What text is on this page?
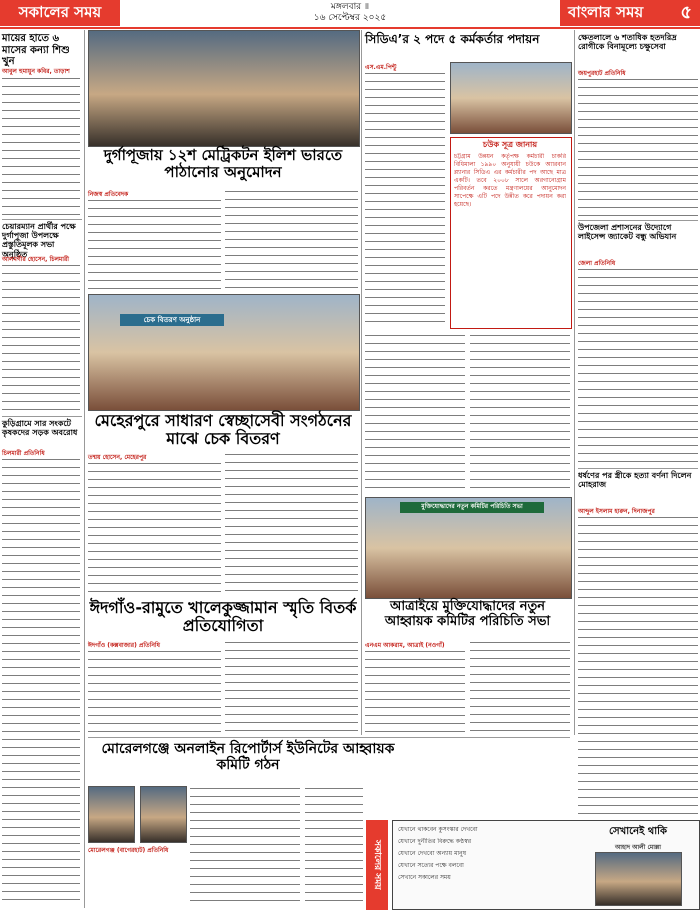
সকালের সময়	মঙ্গলবার ॥
১৬ সেপ্টেম্বর ২০২৫	বাংলার সময় ৫
মায়ের হাতে ৬ মাসের কন্যা শিশু খুন
আবুল হুমায়ুন কবির, তাড়াশ
চেয়ারম্যান প্রার্থীর পক্ষে দুর্গাপূজা উপলক্ষে প্রস্তুতিমূলক সভা অনুষ্ঠিত
আলমগীর হোসেন, চিলমারী
কুড়িগ্রামে সার সংকটে কৃষকদের সড়ক অবরোধ
চিলমারী প্রতিনিধি
দুর্গাপূজায় ১২শ মেট্রিকটন ইলিশ ভারতে পাঠানোর অনুমোদন
নিজস্ব প্রতিবেদক
চেক বিতরণ অনুষ্ঠান
মেহেরপুরে সাধারণ স্বেচ্ছাসেবী সংগঠনের মাঝে চেক বিতরণ
তন্ময় হোসেন, মেহেরপুর
ঈদগাঁও-রামুতে খালেকুজ্জামান স্মৃতি বিতর্ক প্রতিযোগিতা
ঈদগাঁও (কক্সবাজার) প্রতিনিধি
সিডিএ’র ২ পদে ৫ কর্মকর্তার পদায়ন
এস.এম.পিন্টু
চউক সূত্র জানায়
চট্টগ্রাম উন্নয়ন কর্তৃপক্ষ কর্মচারী চাকরি বিধিমালা ১৯৯০ অনুযায়ী চউকে অ্যারবান প্ল্যানার সিডিএ এর কর্মচারীর পদ আছে মাত্র একটি। তবে ২০০৮ সালে অরগানোগ্রাম পরিবর্তন করতে মন্ত্রণালয়ের আনুমোদন সাপেক্ষে এটি পদে উন্নীত করে পদায়ন করা হয়েছে।
মুক্তিযোদ্ধাদের নতুন কমিটির পরিচিতি সভা
আত্রাইয়ে মুক্তিযোদ্ধাদের নতুন আহ্বায়ক কমিটির পরিচিতি সভা
এনএম আকরাম, আত্রাই (নওগাঁ)
ক্ষেতলালে ৬ শতাধিক হতদরিদ্র রোগীকে বিনামূল্যে চক্ষুসেবা
জয়পুরহাট প্রতিনিধি
উপজেলা প্রশাসনের উদ্যোগে লাইসেন্স জ্যাকেট বন্ধু অভিযান
জেলা প্রতিনিধি
ধর্ষণের পর স্ত্রীকে হত্যা বর্ণনা দিলেন মোহরাজ
আব্দুল ইসলাম হারুন, দিনাজপুর
মোরেলগঞ্জে অনলাইন রিপোর্টার্স ইউনিটের আহ্বায়ক কমিটি গঠন
মোরেলগঞ্জ (বাগেরহাট) প্রতিনিধি	সকালের সময়
যেখানে থাকবেন কুসংস্কার দেখবো
যেখানে দুর্নীতির বিরুদ্ধে কণ্ঠস্বর
যেখানে দেখবো অন্যায় মানুষ
যেখানে সত্যের পক্ষে বলবো
সেখানে সকালের সময়
সেখানেই থাকি
আহাদ আলী মোল্লা
